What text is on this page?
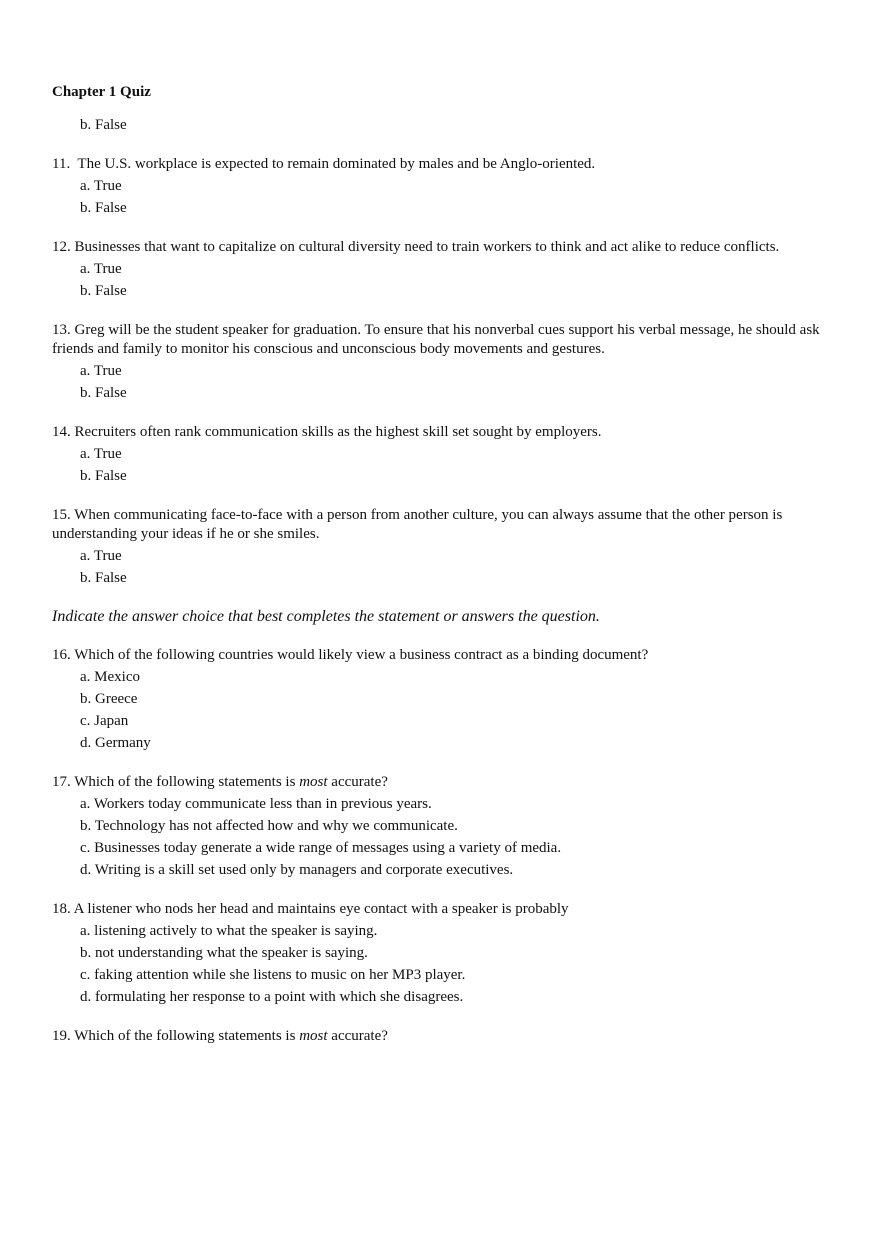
Chapter 1 Quiz
b. False

11.  The U.S. workplace is expected to remain dominated by males and be Anglo-oriented.

a. True
b. False

12. Businesses that want to capitalize on cultural diversity need to train workers to think and act alike to reduce conflicts.

a. True
b. False

13. Greg will be the student speaker for graduation. To ensure that his nonverbal cues support his verbal message, he should ask friends and family to monitor his conscious and unconscious body movements and gestures.

a. True
b. False

14. Recruiters often rank communication skills as the highest skill set sought by employers.

a. True
b. False

15. When communicating face-to-face with a person from another culture, you can always assume that the other person is understanding your ideas if he or she smiles.

a. True
b. False
Indicate the answer choice that best completes the statement or answers the question.

16. Which of the following countries would likely view a business contract as a binding document?

a. Mexico
b. Greece
c. Japan
d. Germany

17. Which of the following statements is most accurate?

a. Workers today communicate less than in previous years.
b. Technology has not affected how and why we communicate.
c. Businesses today generate a wide range of messages using a variety of media.
d. Writing is a skill set used only by managers and corporate executives.

18. A listener who nods her head and maintains eye contact with a speaker is probably

a. listening actively to what the speaker is saying.
b. not understanding what the speaker is saying.
c. faking attention while she listens to music on her MP3 player.
d. formulating her response to a point with which she disagrees.

19. Which of the following statements is most accurate?
